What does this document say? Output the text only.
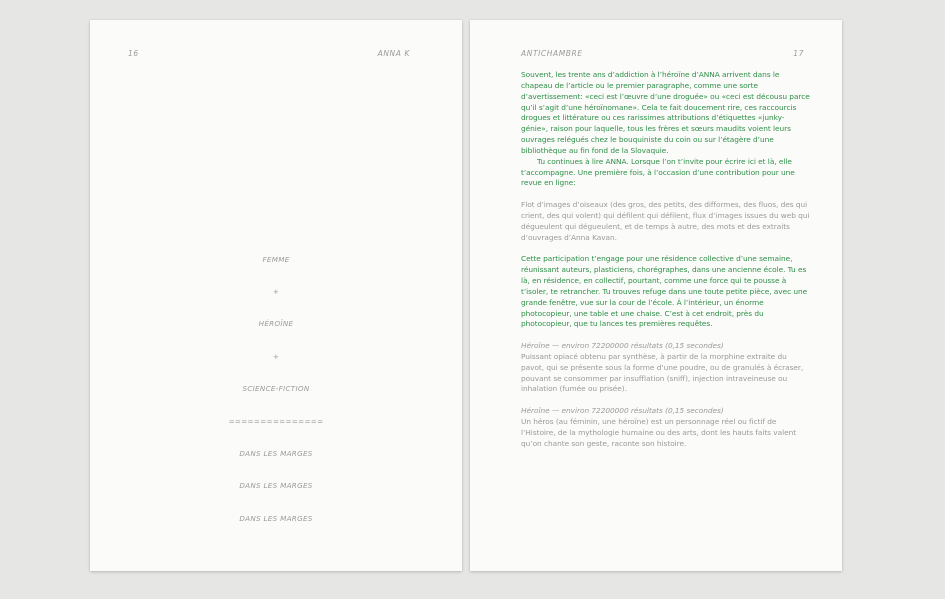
16	ANNA K

FEMME

+

HÉROÏNE

+

SCIENCE-FICTION

===============

DANS LES MARGES

DANS LES MARGES

DANS LES MARGES

ANTICHAMBRE	17

Souvent, les trente ans d’addiction à l’héroïne d’ANNA arrivent dans le chapeau de l’article ou le premier paragraphe, comme une sorte d’avertissement: «ceci est l’œuvre d’une droguée» ou «ceci est décousu parce qu’il s’agit d’une héroïnomane». Cela te fait doucement rire, ces raccourcis drogues et littérature ou ces rarissimes attributions d’étiquettes «junky-génie», raison pour laquelle, tous les frères et sœurs maudits voient leurs ouvrages relégués chez le bouquiniste du coin ou sur l’étagère d’une bibliothèque au fin fond de la Slovaquie.

Tu continues à lire ANNA. Lorsque l’on t’invite pour écrire ici et là, elle t’accompagne. Une première fois, à l’occasion d’une contribution pour une revue en ligne:

Flot d’images d’oiseaux (des gros, des petits, des difformes, des fluos, des qui crient, des qui volent) qui défilent qui défilent, flux d’images issues du web qui dégueulent qui dégueulent, et de temps à autre, des mots et des extraits d’ouvrages d’Anna Kavan.

Cette participation t’engage pour une résidence collective d’une semaine, réunissant auteurs, plasticiens, chorégraphes, dans une ancienne école. Tu es là, en résidence, en collectif, pourtant, comme une force qui te pousse à t’isoler, te retrancher. Tu trouves refuge dans une toute petite pièce, avec une grande fenêtre, vue sur la cour de l’école. À l’intérieur, un énorme photocopieur, une table et une chaise. C’est à cet endroit, près du photocopieur, que tu lances tes premières requêtes.

Héroïne — environ 72200000 résultats (0,15 secondes)

Puissant opiacé obtenu par synthèse, à partir de la morphine extraite du pavot, qui se présente sous la forme d’une poudre, ou de granulés à écraser, pouvant se consommer par insufflation (sniff), injection intraveineuse ou inhalation (fumée ou prisée).

Héroïne — environ 72200000 résultats (0,15 secondes)

Un héros (au féminin, une héroïne) est un personnage réel ou fictif de l’Histoire, de la mythologie humaine ou des arts, dont les hauts faits valent qu’on chante son geste, raconte son histoire.
